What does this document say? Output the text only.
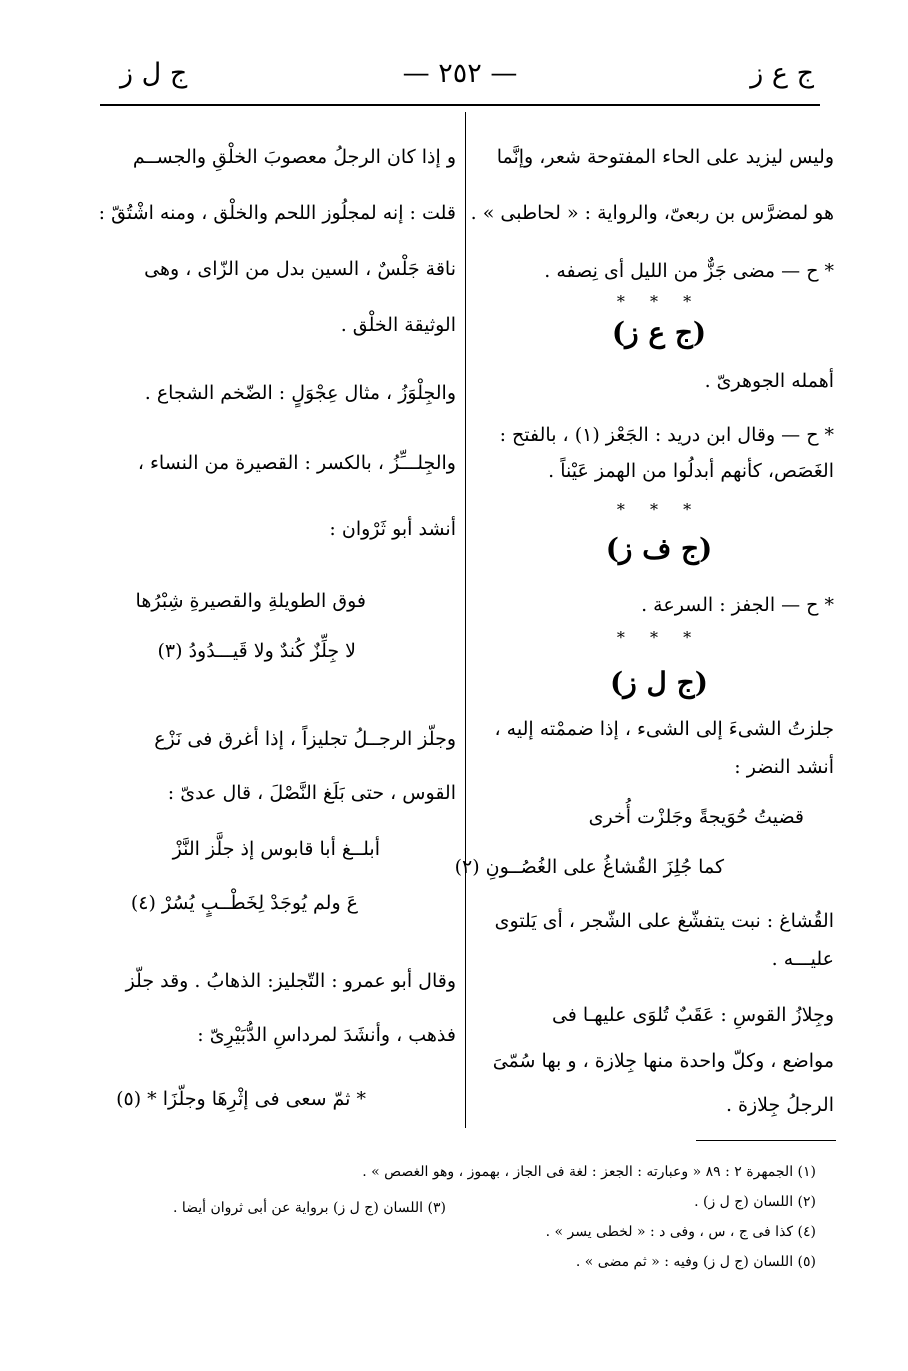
ج ل ز	— ٢٥٢ —	ج ع ز
وليس ليزيد على الحاء المفتوحة شعر، وإنَّما
هو لمضرَّس بن ربعىّ، والرواية : « لحاطبى » .
* ح — مضى جَزٌّ من الليل أى نِصفه .
* * *
(ج ع ز)
أهمله الجوهرىّ .
* ح — وقال ابن دريد : الجَعْز (١) ، بالفتح :
الغَصَص، كأنهم أبدلُوا من الهمز عَيْناً .
* * *
(ج ف ز)
* ح — الجفز : السرعة .
* * *
(ج ل ز)
جلزتُ الشىءَ إلى الشىء ، إذا ضممْته إليه ،
أنشد النضر :
قضيتُ حُوَيجةً وجَلزْت أُخرى
كما جُلِزَ القُشاغُ على الغُصُــونِ (٢)
القُشاغ : نبت يتفشّغ على الشّجر ، أى يَلتوى
عليـــه .
وجِلازُ القوسِ : عَقَبٌ تُلوَى عليهـا فى
مواضع ، وكلّ واحدة منها جِلازة ، و بها سُمّىَ
الرجلُ جِلازة .
و إذا كان الرجلُ معصوبَ الخلْقِ والجســم
قلت : إنه لمجلُوز اللحم والخلْق ، ومنه اشْتُقّ :
ناقة جَلْسٌ ، السين بدل من الزّاى ، وهى
الوثيقة الخلْق .
والجِلْوَزُ ، مثال عِجْوَلٍ : الضّخم الشجاع .
والجِلـــِّزُ ، بالكسر : القصيرة من النساء ،
أنشد أبو ثَرْوان :
فوق الطويلةِ والقصيرةِ شِبْرُها
لا جِلِّزٌ كُندٌ ولا قَيـــدُودُ (٣)
وجلّز الرجــلُ تجليزاً ، إذا أغرق فى نَزْع
القوس ، حتى بَلَغ النَّصْلَ ، قال عدىّ :
أبلــغ أبا قابوس إذ جلَّز النَّزْ
عَ ولم يُوجَدْ لِخَطْــبٍ يُسُرْ (٤)
وقال أبو عمرو : التّجليز: الذهابُ . وقد جلّز
فذهب ، وأنشَدَ لمرداسِ الدُّبَيْرِىّ :
* ثمّ سعى فى إثْرِهَا وجلّزَا * (٥)
(١) الجمهرة ٢ : ٨٩ « وعبارته : الجعز : لغة فى الجاز ، بهموز ، وهو الغصص » .
(٢) اللسان (ج ل ز) .
(٣) اللسان (ج ل ز) برواية عن أبى ثروان أيضا .
(٤) كذا فى ج ، س ، وفى د : « لخطى يسر » .
(٥) اللسان (ج ل ز) وفيه : « ثم مضى » .
